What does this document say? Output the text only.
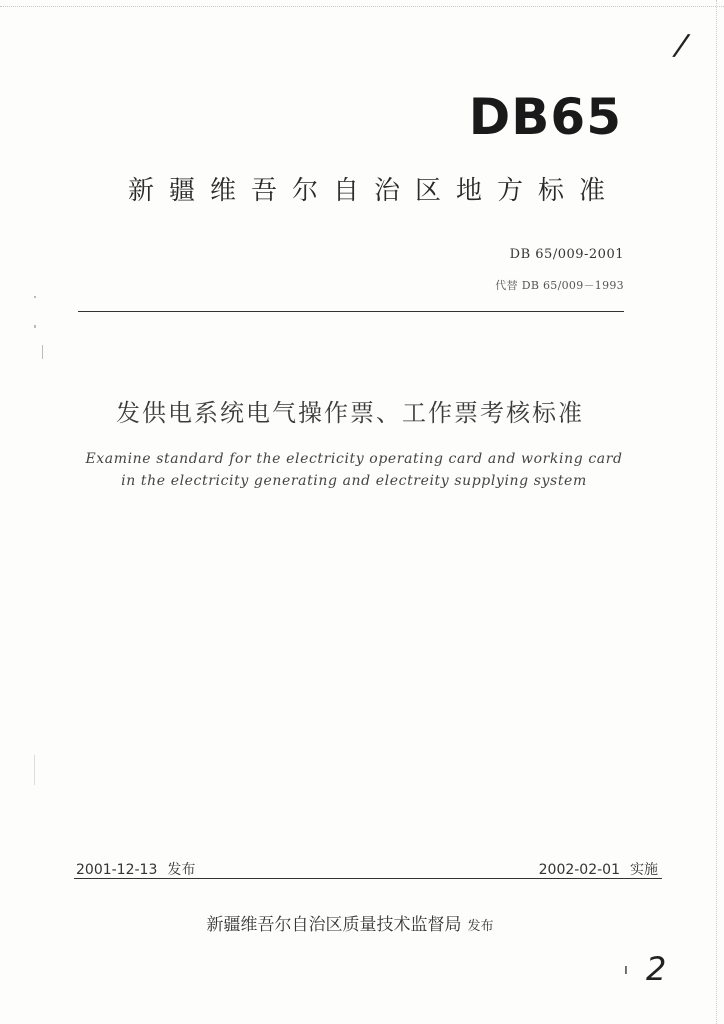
/
DB65
新疆维吾尔自治区地方标准
DB 65/009-2001
代替 DB 65/009－1993
发供电系统电气操作票、工作票考核标准
Examine standard for the electricity operating card and working card
in the electricity generating and electreity supplying system
2001-12-13 发布	2002-02-01 实施
新疆维吾尔自治区质量技术监督局 发布
ı 2
